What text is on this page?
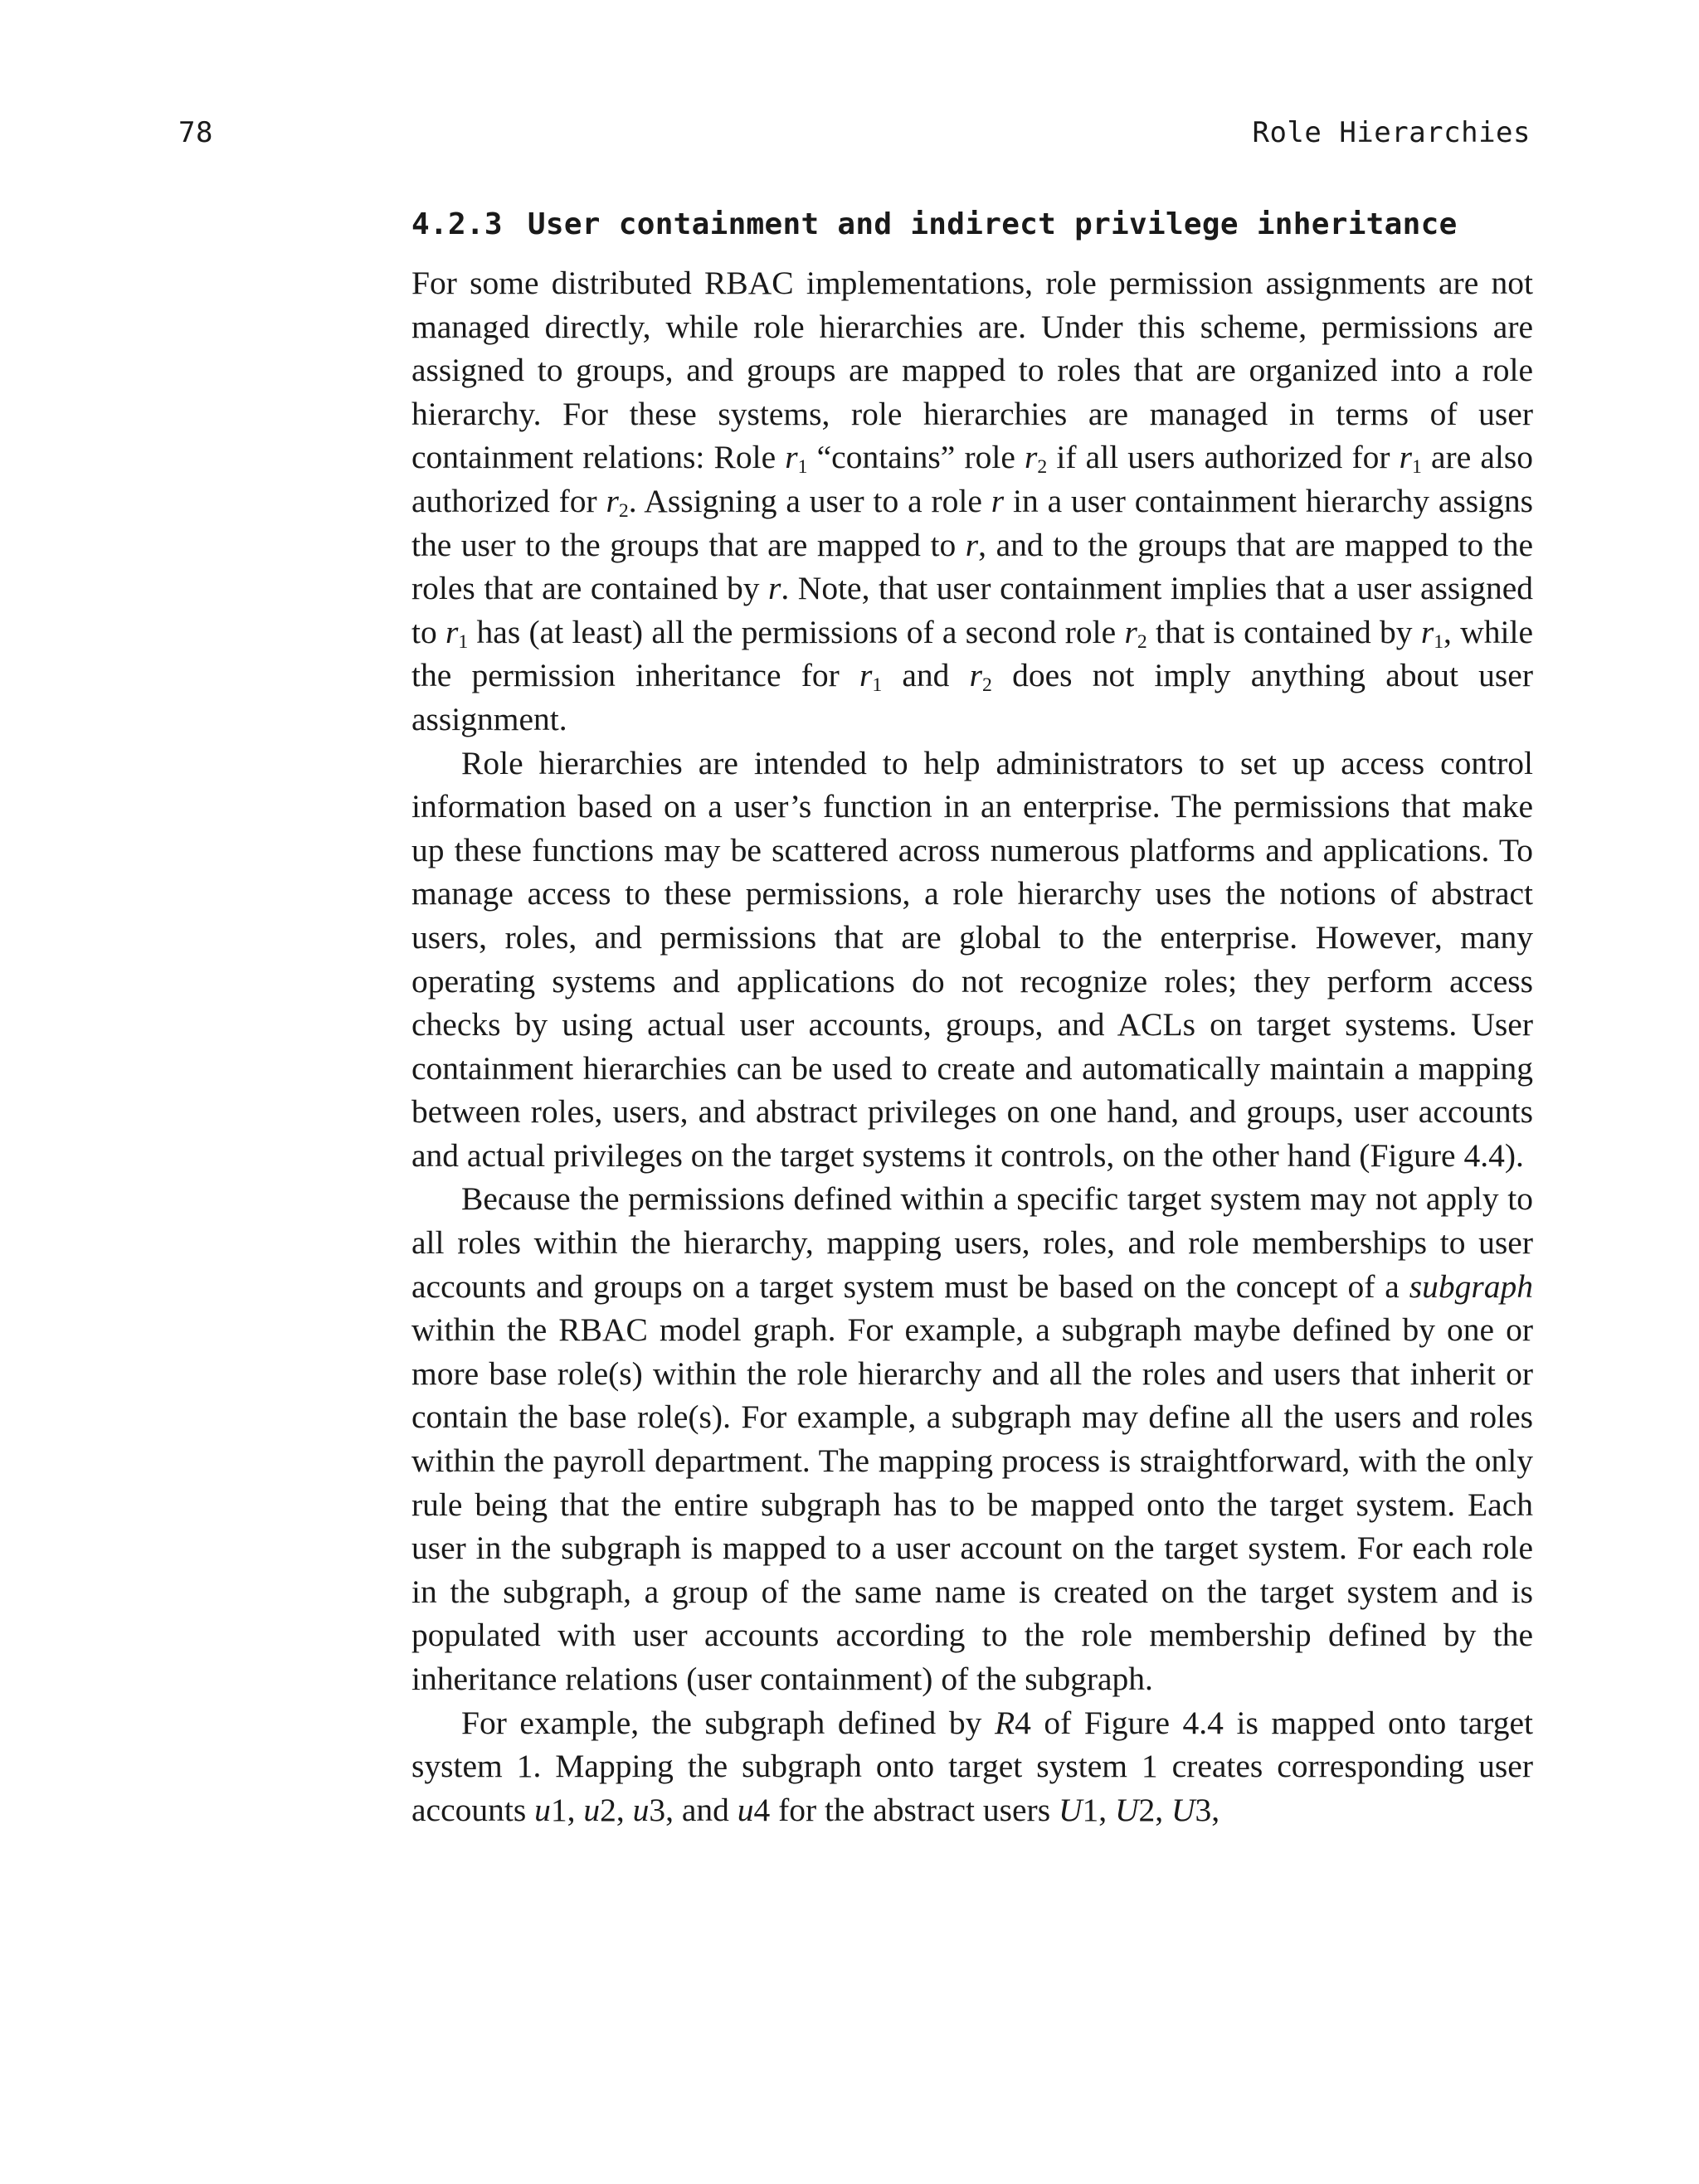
78	Role Hierarchies
4.2.3 User containment and indirect privilege inheritance

For some distributed RBAC implementations, role permission assignments are not managed directly, while role hierarchies are. Under this scheme, permissions are assigned to groups, and groups are mapped to roles that are organized into a role hierarchy. For these systems, role hierarchies are managed in terms of user containment relations: Role $r_1$ “contains” role $r_2$ if all users authorized for $r_1$ are also authorized for $r_2$. Assigning a user to a role r in a user containment hierarchy assigns the user to the groups that are mapped to r, and to the groups that are mapped to the roles that are contained by r. Note, that user containment implies that a user assigned to $r_1$ has (at least) all the permissions of a second role $r_2$ that is contained by $r_1$, while the permission inheritance for $r_1$ and $r_2$ does not imply anything about user assignment.

Role hierarchies are intended to help administrators to set up access control information based on a user’s function in an enterprise. The permissions that make up these functions may be scattered across numerous platforms and applications. To manage access to these permissions, a role hierarchy uses the notions of abstract users, roles, and permissions that are global to the enterprise. However, many operating systems and applications do not recognize roles; they perform access checks by using actual user accounts, groups, and ACLs on target systems. User containment hierarchies can be used to create and automatically maintain a mapping between roles, users, and abstract privileges on one hand, and groups, user accounts and actual privileges on the target systems it controls, on the other hand (Figure 4.4).

Because the permissions defined within a specific target system may not apply to all roles within the hierarchy, mapping users, roles, and role memberships to user accounts and groups on a target system must be based on the concept of a subgraph within the RBAC model graph. For example, a subgraph maybe defined by one or more base role(s) within the role hierarchy and all the roles and users that inherit or contain the base role(s). For example, a subgraph may define all the users and roles within the payroll department. The mapping process is straightforward, with the only rule being that the entire subgraph has to be mapped onto the target system. Each user in the subgraph is mapped to a user account on the target system. For each role in the subgraph, a group of the same name is created on the target system and is populated with user accounts according to the role membership defined by the inheritance relations (user containment) of the subgraph.

For example, the subgraph defined by R4 of Figure 4.4 is mapped onto target system 1. Mapping the subgraph onto target system 1 creates corresponding user accounts u1, u2, u3, and u4 for the abstract users U1, U2, U3,
